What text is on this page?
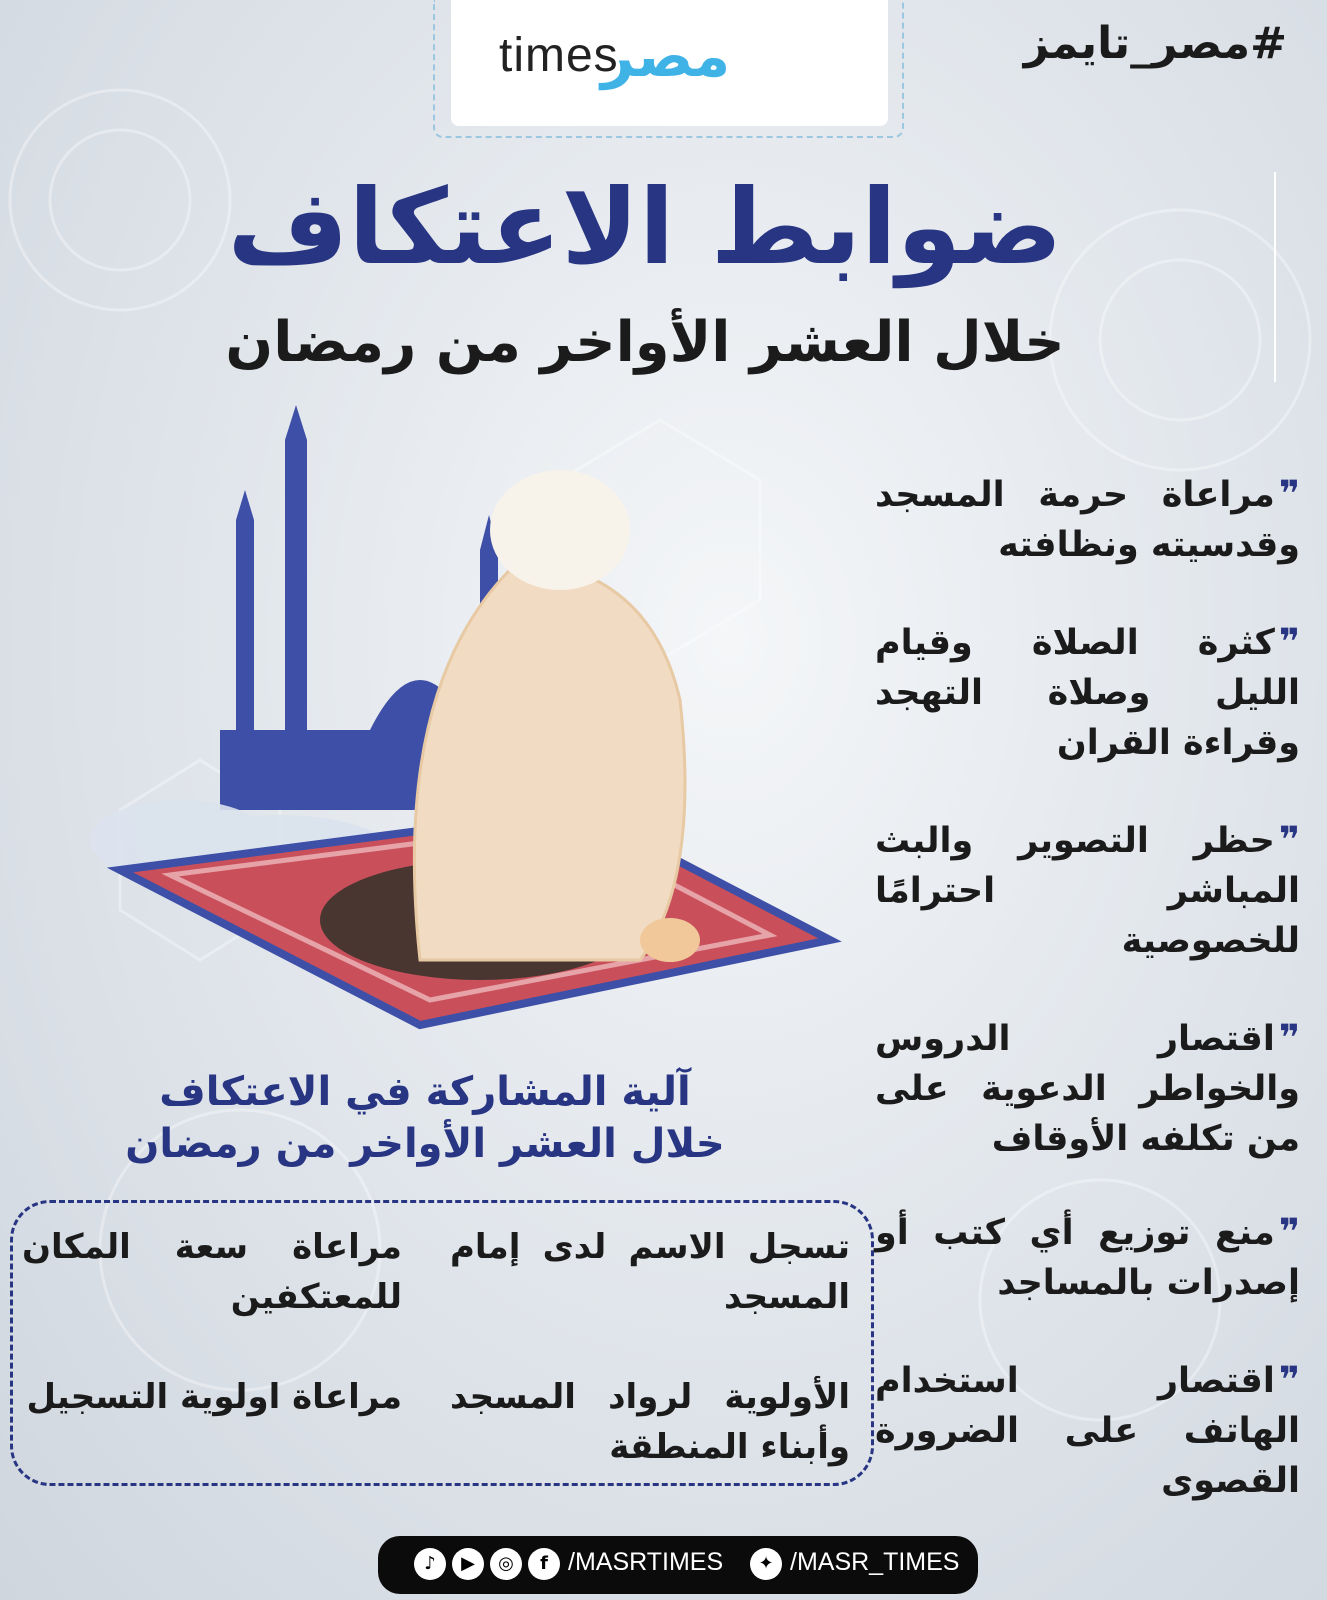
times
مصر	#مصر_تايمز
ضوابط الاعتكاف
خلال العشر الأواخر من رمضان
❞مراعاة حرمة المسجد وقدسيته ونظافته
❞كثرة الصلاة وقيام الليل وصلاة التهجد وقراءة القران
❞حظر التصوير والبث المباشر احترامًا للخصوصية
❞اقتصار الدروس والخواطر الدعوية على من تكلفه الأوقاف
❞منع توزيع أي كتب أو إصدرات بالمساجد
❞اقتصار استخدام الهاتف على الضرورة القصوى
آلية المشاركة في الاعتكاف
خلال العشر الأواخر من رمضان
تسجل الاسم لدى إمام المسجد
مراعاة سعة المكان للمعتكفين
الأولوية لرواد المسجد وأبناء المنطقة
مراعاة اولوية التسجيل
♪	▶	◎	f /MASRTIMES	✦ /MASR_TIMES
